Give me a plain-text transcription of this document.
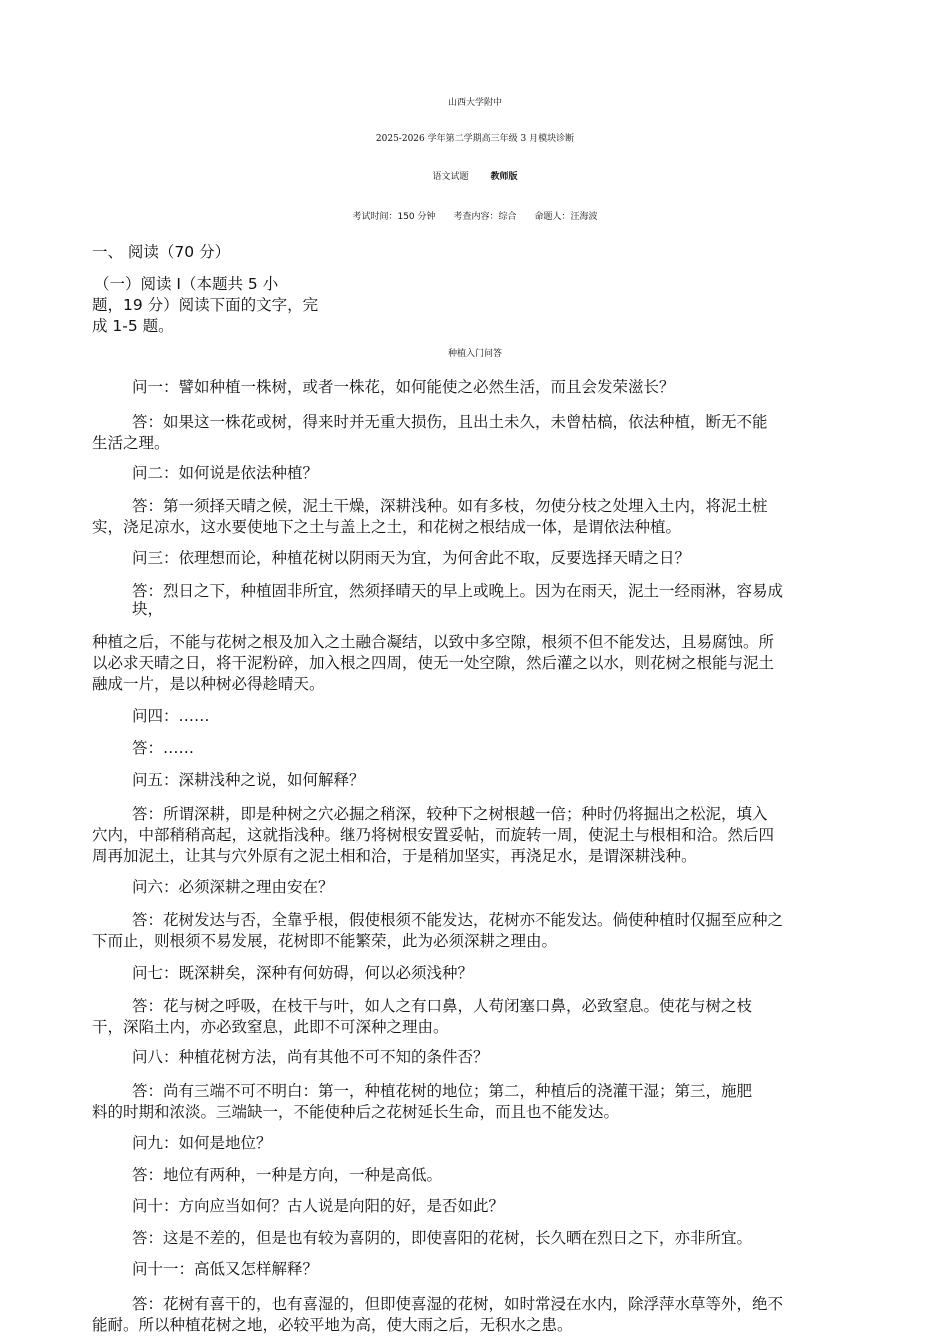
山西大学附中
2025-2026 学年第二学期高三年级 3 月模块诊断
语文试题 教师版
考试时间：150 分钟　　考查内容：综合　　命题人：汪海波
一、 阅读（70 分）
（一）阅读 I（本题共 5 小
题，19 分）阅读下面的文字，完
成 1-5 题。
种植入门问答
问一：譬如种植一株树，或者一株花，如何能使之必然生活，而且会发荣滋长？
答：如果这一株花或树，得来时并无重大损伤，且出土未久，未曾枯槁，依法种植，断无不能
生活之理。
问二：如何说是依法种植？
答：第一须择天晴之候，泥土干燥，深耕浅种。如有多枝，勿使分枝之处埋入土内，将泥土桩
实，浇足凉水，这水要使地下之土与盖上之土，和花树之根结成一体，是谓依法种植。
问三：依理想而论，种植花树以阴雨天为宜，为何舍此不取，反要选择天晴之日？
答：烈日之下，种植固非所宜，然须择晴天的早上或晚上。因为在雨天，泥土一经雨淋，容易成
块，
种植之后，不能与花树之根及加入之土融合凝结，以致中多空隙，根须不但不能发达，且易腐蚀。所
以必求天晴之日，将干泥粉碎，加入根之四周，使无一处空隙，然后灌之以水，则花树之根能与泥土
融成一片，是以种树必得趁晴天。
问四：……
答：……
问五：深耕浅种之说，如何解释？
答：所谓深耕，即是种树之穴必掘之稍深，较种下之树根越一倍；种时仍将掘出之松泥，填入
穴内，中部稍稍高起，这就指浅种。继乃将树根安置妥帖，而旋转一周，使泥土与根相和洽。然后四
周再加泥土，让其与穴外原有之泥土相和洽，于是稍加坚实，再浇足水，是谓深耕浅种。
问六：必须深耕之理由安在？
答：花树发达与否，全靠乎根，假使根须不能发达，花树亦不能发达。倘使种植时仅掘至应种之
下而止，则根须不易发展，花树即不能繁荣，此为必须深耕之理由。
问七：既深耕矣，深种有何妨碍，何以必须浅种？
答：花与树之呼吸，在枝干与叶，如人之有口鼻，人苟闭塞口鼻，必致窒息。使花与树之枝
干，深陷土内，亦必致窒息，此即不可深种之理由。
问八：种植花树方法，尚有其他不可不知的条件否？
答：尚有三端不可不明白：第一，种植花树的地位；第二，种植后的浇灌干湿；第三，施肥
料的时期和浓淡。三端缺一，不能使种后之花树延长生命，而且也不能发达。
问九：如何是地位？
答：地位有两种，一种是方向，一种是高低。
问十：方向应当如何？古人说是向阳的好，是否如此？
答：这是不差的，但是也有较为喜阴的，即使喜阳的花树，长久晒在烈日之下，亦非所宜。
问十一：高低又怎样解释？
答：花树有喜干的，也有喜湿的，但即使喜湿的花树，如时常浸在水内，除浮萍水草等外，绝不
能耐。所以种植花树之地，必较平地为高，使大雨之后，无积水之患。
